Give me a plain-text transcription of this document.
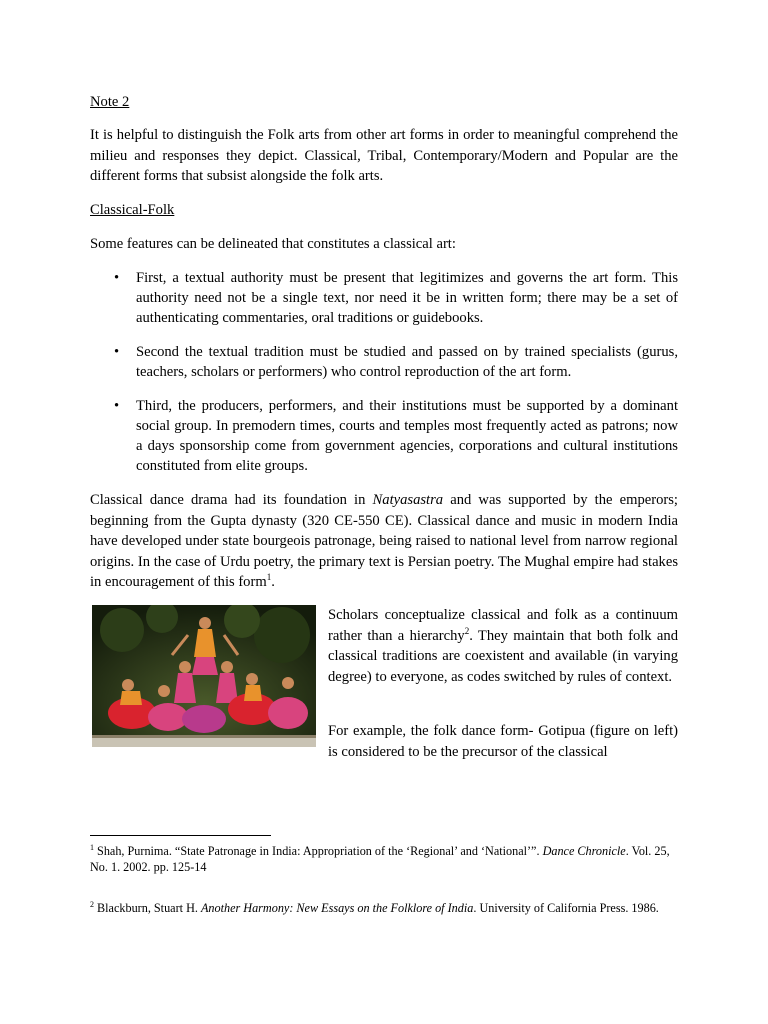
Note 2

It is helpful to distinguish the Folk arts from other art forms in order to meaningful comprehend the milieu and responses they depict. Classical, Tribal, Contemporary/Modern and Popular are the different forms that subsist alongside the folk arts.

Classical-Folk
Some features can be delineated that constitutes a classical art:
• First, a textual authority must be present that legitimizes and governs the art form. This authority need not be a single text, nor need it be in written form; there may be a set of authenticating commentaries, oral traditions or guidebooks.
• Second the textual tradition must be studied and passed on by trained specialists (gurus, teachers, scholars or performers) who control reproduction of the art form.
• Third, the producers, performers, and their institutions must be supported by a dominant social group. In premodern times, courts and temples most frequently acted as patrons; now a days sponsorship come from government agencies, corporations and cultural institutions constituted from elite groups.

Classical dance drama had its foundation in Natyasastra and was supported by the emperors; beginning from the Gupta dynasty (320 CE-550 CE). Classical dance and music in modern India have developed under state bourgeois patronage, being raised to national level from narrow regional origins. In the case of Urdu poetry, the primary text is Persian poetry. The Mughal empire had stakes in encouragement of this form$^1$.

Scholars conceptualize classical and folk as a continuum rather than a hierarchy$^2$. They maintain that both folk and classical traditions are coexistent and available (in varying degree) to everyone, as codes switched by rules of context.

For example, the folk dance form- Gotipua (figure on left) is considered to be the precursor of the classical

$^1$ Shah, Purnima. “State Patronage in India: Appropriation of the ‘Regional’ and ‘National’”. Dance Chronicle. Vol. 25, No. 1. 2002. pp. 125-14
$^2$ Blackburn, Stuart H. Another Harmony: New Essays on the Folklore of India. University of California Press. 1986.
